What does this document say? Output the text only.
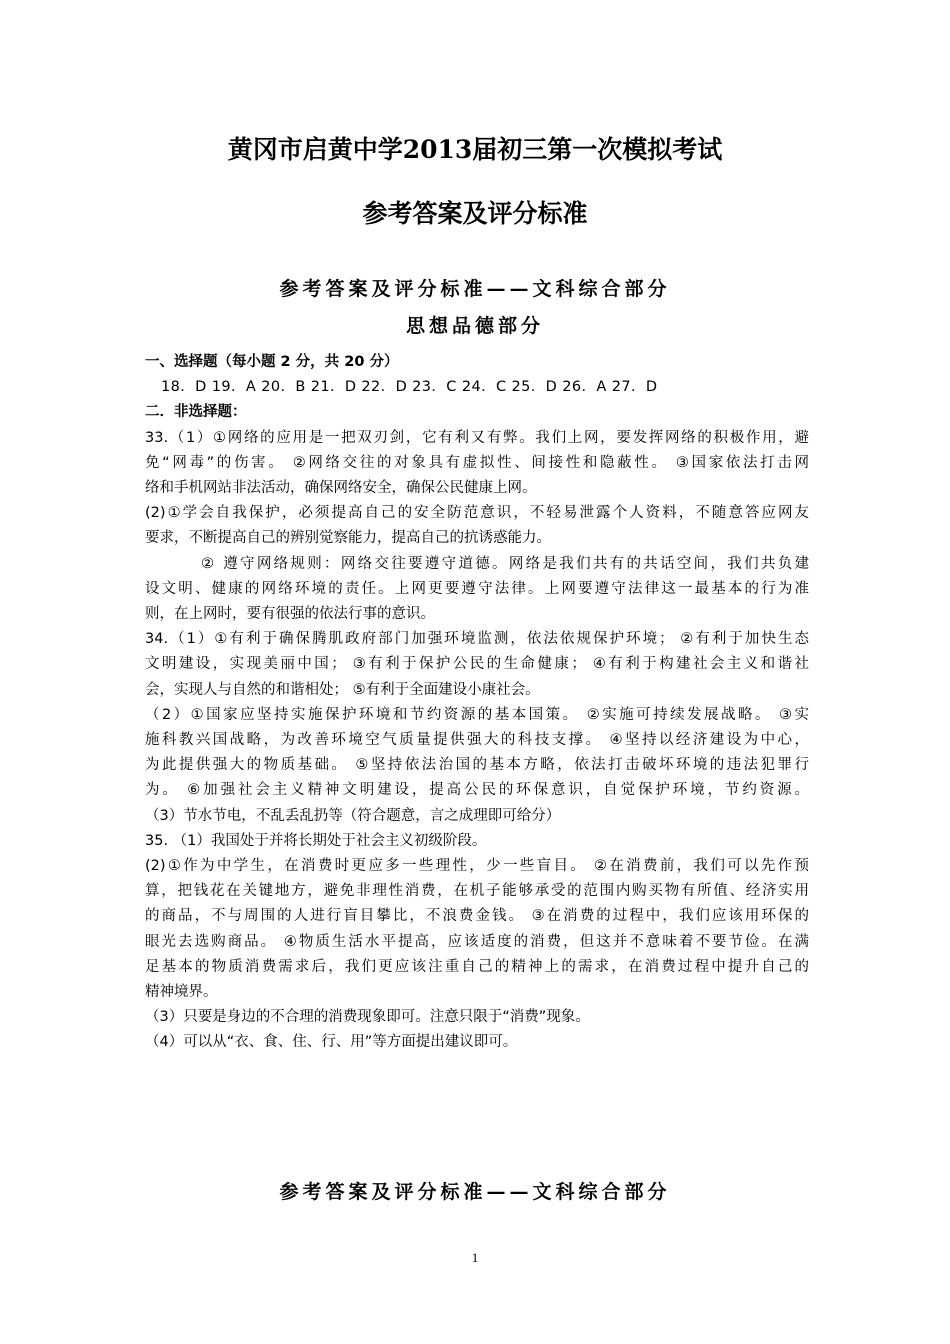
黄冈市启黄中学2013届初三第一次模拟考试
参考答案及评分标准
参考答案及评分标准——文科综合部分
思想品德部分

一、选择题（每小题 2 分，共 20 分）

18．D 19．A 20．B 21．D 22．D 23．C 24．C 25．D 26．A 27．D

二．非选择题：

33.（1）①网络的应用是一把双刃剑，它有利又有弊。我们上网，要发挥网络的积极作用，避

免“网毒”的伤害。 ②网络交往的对象具有虚拟性、间接性和隐蔽性。 ③国家依法打击网

络和手机网站非法活动，确保网络安全，确保公民健康上网。

(2)①学会自我保护，必须提高自己的安全防范意识，不轻易泄露个人资料，不随意答应网友

要求，不断提高自己的辨别觉察能力，提高自己的抗诱惑能力。

② 遵守网络规则：网络交往要遵守道德。网络是我们共有的共话空间，我们共负建

设文明、健康的网络环境的责任。上网更要遵守法律。上网要遵守法律这一最基本的行为准

则，在上网时，要有很强的依法行事的意识。

34.（1）①有利于确保腾肌政府部门加强环境监测，依法依规保护环境； ②有利于加快生态

文明建设，实现美丽中国； ③有利于保护公民的生命健康； ④有利于构建社会主义和谐社

会，实现人与自然的和谐相处； ⑤有利于全面建设小康社会。

（2）①国家应坚持实施保护环境和节约资源的基本国策。 ②实施可持续发展战略。 ③实

施科教兴国战略，为改善环境空气质量提供强大的科技支撑。 ④坚持以经济建设为中心，

为此提供强大的物质基础。 ⑤坚持依法治国的基本方略，依法打击破坏环境的违法犯罪行

为。 ⑥加强社会主义精神文明建设，提高公民的环保意识，自觉保护环境，节约资源。

（3）节水节电，不乱丢乱扔等（符合题意，言之成理即可给分）

35. （1）我国处于并将长期处于社会主义初级阶段。

(2)①作为中学生，在消费时更应多一些理性，少一些盲目。 ②在消费前，我们可以先作预

算，把钱花在关键地方，避免非理性消费，在机子能够承受的范围内购买物有所值、经济实用

的商品，不与周围的人进行盲目攀比，不浪费金钱。 ③在消费的过程中，我们应该用环保的

眼光去选购商品。 ④物质生活水平提高，应该适度的消费，但这并不意味着不要节俭。在满

足基本的物质消费需求后，我们更应该注重自己的精神上的需求，在消费过程中提升自己的

精神境界。

（3）只要是身边的不合理的消费现象即可。注意只限于“消费”现象。

（4）可以从“衣、食、住、行、用”等方面提出建议即可。

参考答案及评分标准——文科综合部分
1
